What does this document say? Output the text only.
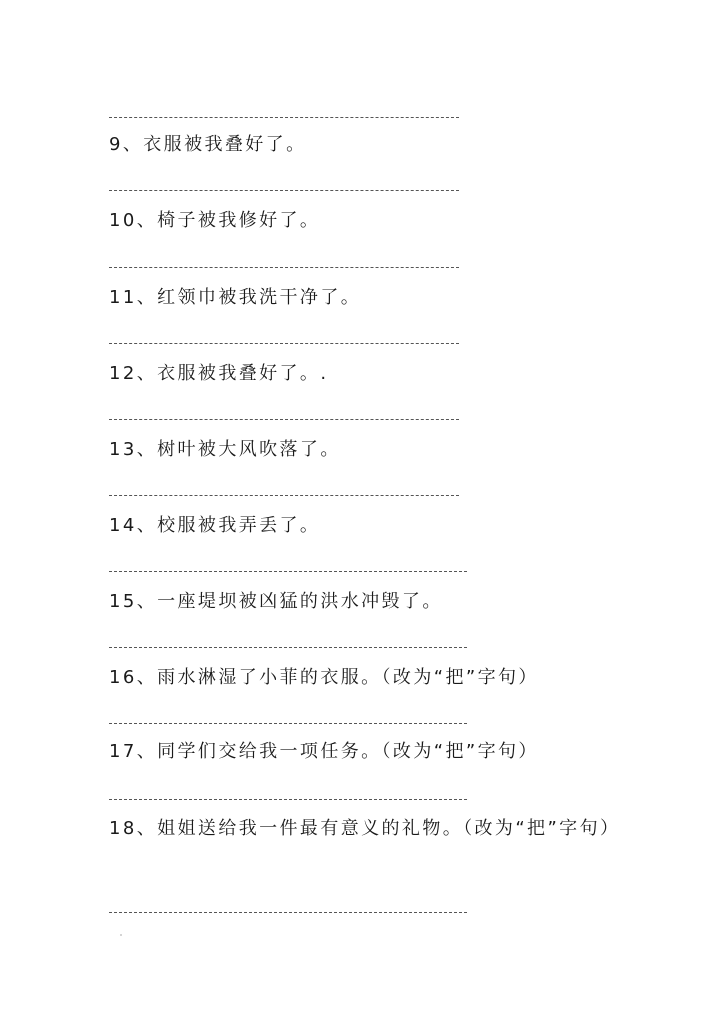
9、衣服被我叠好了。
10、椅子被我修好了。
11、红领巾被我洗干净了。
12、衣服被我叠好了。.
13、树叶被大风吹落了。
14、校服被我弄丢了。
15、一座堤坝被凶猛的洪水冲毁了。
16、雨水淋湿了小菲的衣服。（改为“把”字句）
17、同学们交给我一项任务。（改为“把”字句）
18、姐姐送给我一件最有意义的礼物。（改为“把”字句）
